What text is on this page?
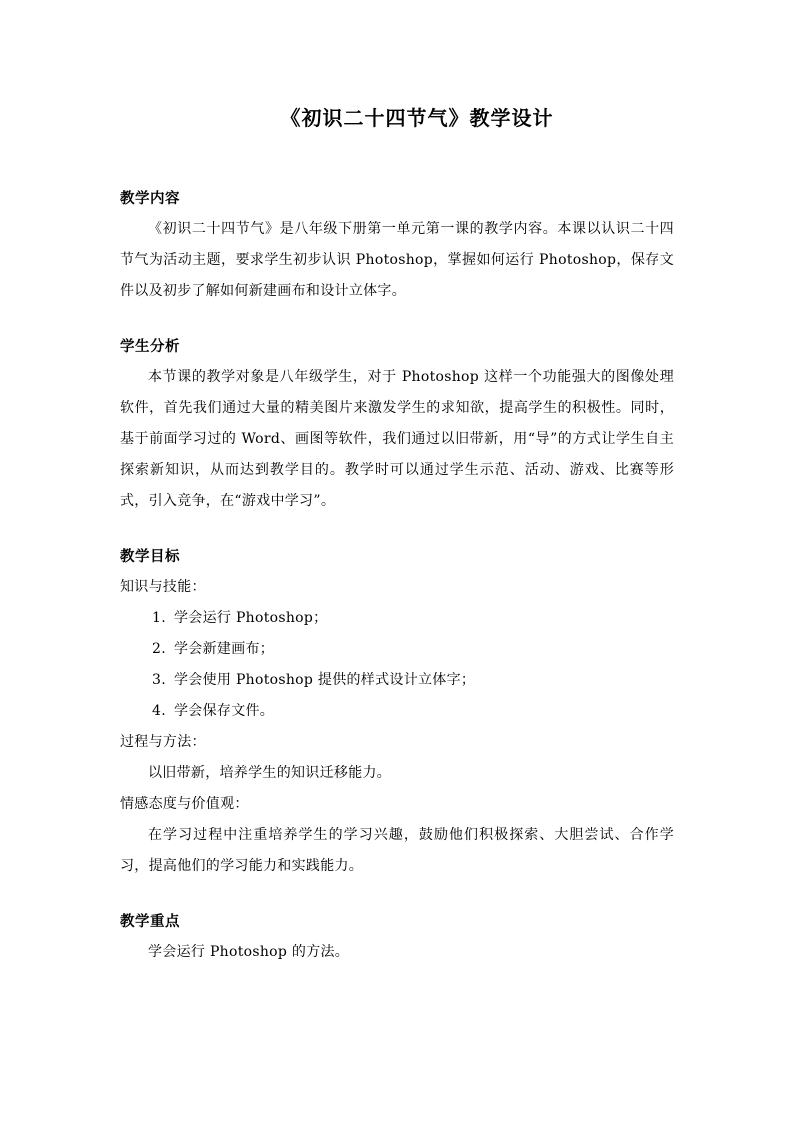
《初识二十四节气》教学设计

教学内容

《初识二十四节气》是八年级下册第一单元第一课的教学内容。本课以认识二十四节气为活动主题，要求学生初步认识 Photoshop，掌握如何运行 Photoshop，保存文件以及初步了解如何新建画布和设计立体字。

学生分析

本节课的教学对象是八年级学生，对于 Photoshop 这样一个功能强大的图像处理软件，首先我们通过大量的精美图片来激发学生的求知欲，提高学生的积极性。同时，基于前面学习过的 Word、画图等软件，我们通过以旧带新，用“导”的方式让学生自主探索新知识，从而达到教学目的。教学时可以通过学生示范、活动、游戏、比赛等形式，引入竞争，在“游戏中学习”。

教学目标

知识与技能：

1. 学会运行 Photoshop；
2. 学会新建画布；
3. 学会使用 Photoshop 提供的样式设计立体字；
4. 学会保存文件。

过程与方法：

以旧带新，培养学生的知识迁移能力。

情感态度与价值观：

在学习过程中注重培养学生的学习兴趣，鼓励他们积极探索、大胆尝试、合作学习，提高他们的学习能力和实践能力。

教学重点

学会运行 Photoshop 的方法。
